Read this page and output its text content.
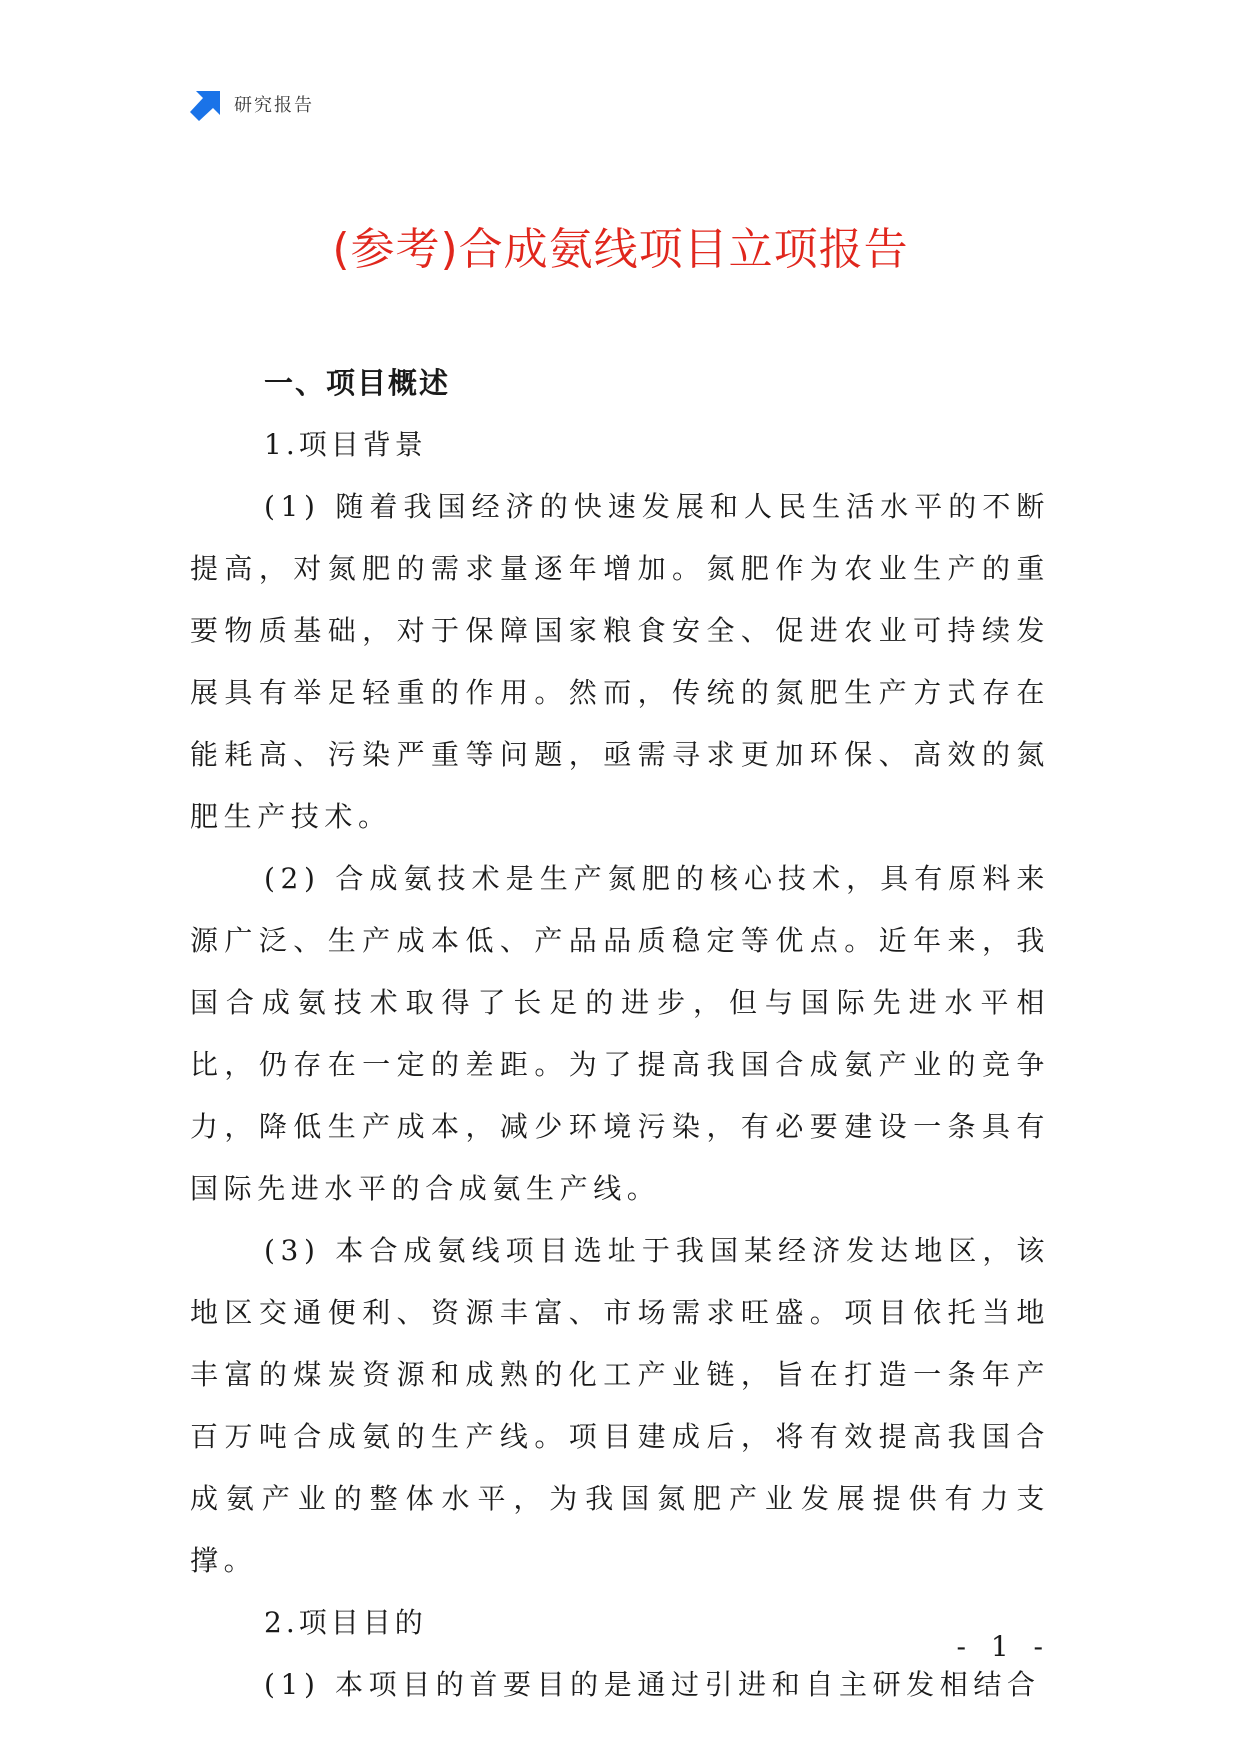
研究报告
(参考)合成氨线项目立项报告
一、项目概述
1.项目背景

(1) 随着我国经济的快速发展和人民生活水平的不断提高，对氮肥的需求量逐年增加。氮肥作为农业生产的重要物质基础，对于保障国家粮食安全、促进农业可持续发展具有举足轻重的作用。然而，传统的氮肥生产方式存在能耗高、污染严重等问题，亟需寻求更加环保、高效的氮肥生产技术。

(2) 合成氨技术是生产氮肥的核心技术，具有原料来源广泛、生产成本低、产品品质稳定等优点。近年来，我国合成氨技术取得了长足的进步，但与国际先进水平相比，仍存在一定的差距。为了提高我国合成氨产业的竞争力，降低生产成本，减少环境污染，有必要建设一条具有国际先进水平的合成氨生产线。

(3) 本合成氨线项目选址于我国某经济发达地区，该地区交通便利、资源丰富、市场需求旺盛。项目依托当地丰富的煤炭资源和成熟的化工产业链，旨在打造一条年产百万吨合成氨的生产线。项目建成后，将有效提高我国合成氨产业的整体水平，为我国氮肥产业发展提供有力支撑。

2.项目目的

(1) 本项目的首要目的是通过引进和自主研发相结合

- 1 -
